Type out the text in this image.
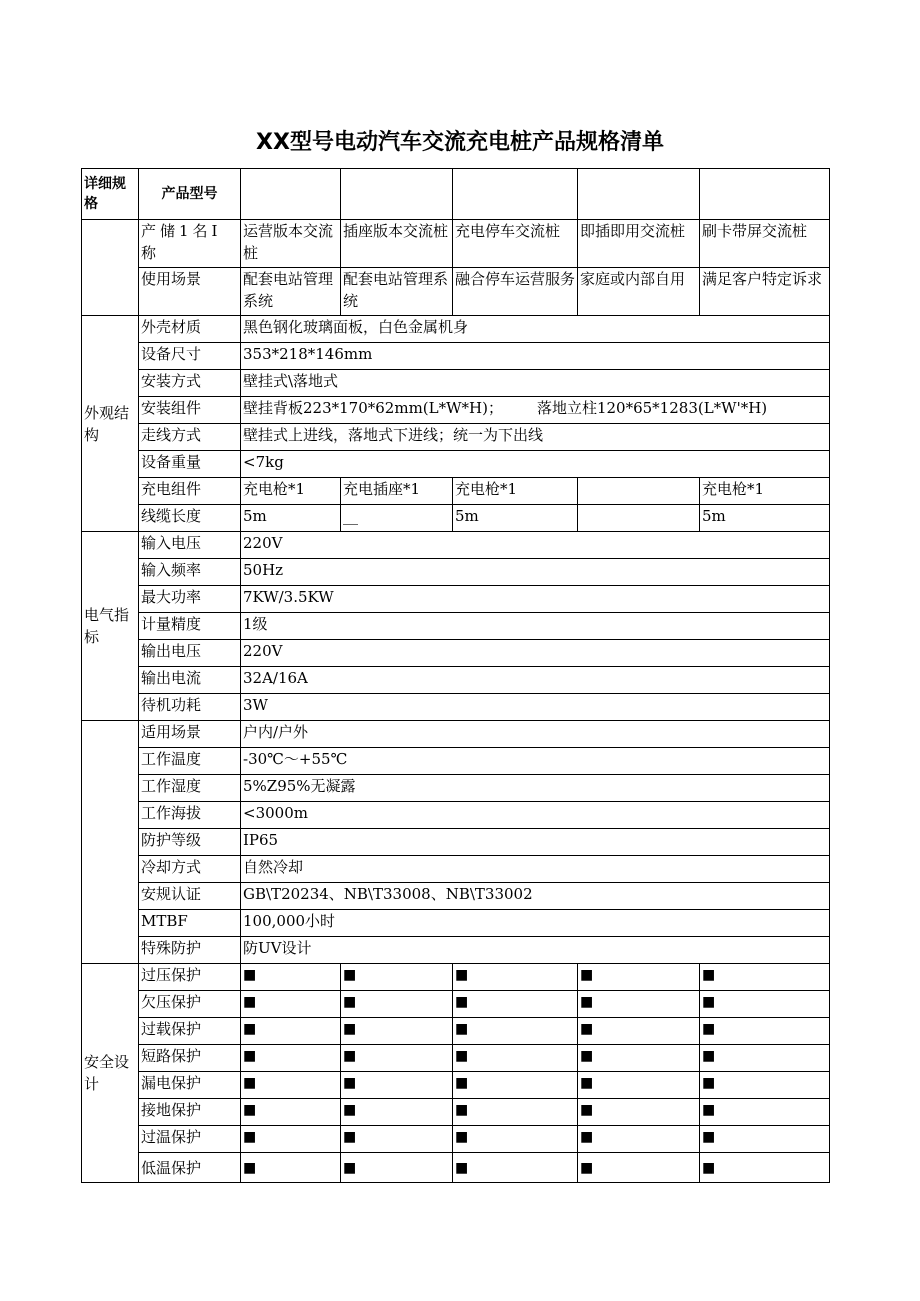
XX型号电动汽车交流充电桩产品规格清单
详细规格	产品型号					
	产储1名I称	运营版本交流桩	插座版本交流桩	充电停车交流桩	即插即用交流桩	刷卡带屏交流桩
	使用场景	配套电站管理系统	配套电站管理系统	融合停车运营服务	家庭或内部自用	满足客户特定诉求
外观结构	外壳材质	黑色钢化玻璃面板，白色金属机身				
	设备尺寸	353*218*146mm				
	安装方式	壁挂式\落地式				
	安装组件	壁挂背板223*170*62mm(L*W*H)； 落地立柱120*65*1283(L*W'*H)				
	走线方式	壁挂式上进线，落地式下进线；统一为下出线				
	设备重量	<7kg				
	充电组件	充电枪*1	充电插座*1	充电枪*1		充电枪*1
	线缆长度	5m	__	5m		5m
电气指标	输入电压	220V				
	输入频率	50Hz				
	最大功率	7KW/3.5KW				
	计量精度	1级				
	输出电压	220V				
	输出电流	32A/16A				
	待机功耗	3W				
	适用场景	户内/户外				
	工作温度	-30℃～+55℃				
	工作湿度	5%Z95%无凝露				
	工作海拔	<3000m				
	防护等级	IP65				
	冷却方式	自然冷却				
	安规认证	GB\T20234、NB\T33008、NB\T33002				
	MTBF	100,000小时				
	特殊防护	防UV设计				
安全设计	过压保护	■	■	■	■	■
	欠压保护	■	■	■	■	■
	过载保护	■	■	■	■	■
	短路保护	■	■	■	■	■
	漏电保护	■	■	■	■	■
	接地保护	■	■	■	■	■
	过温保护	■	■	■	■	■
	低温保护	■	■	■	■	■
